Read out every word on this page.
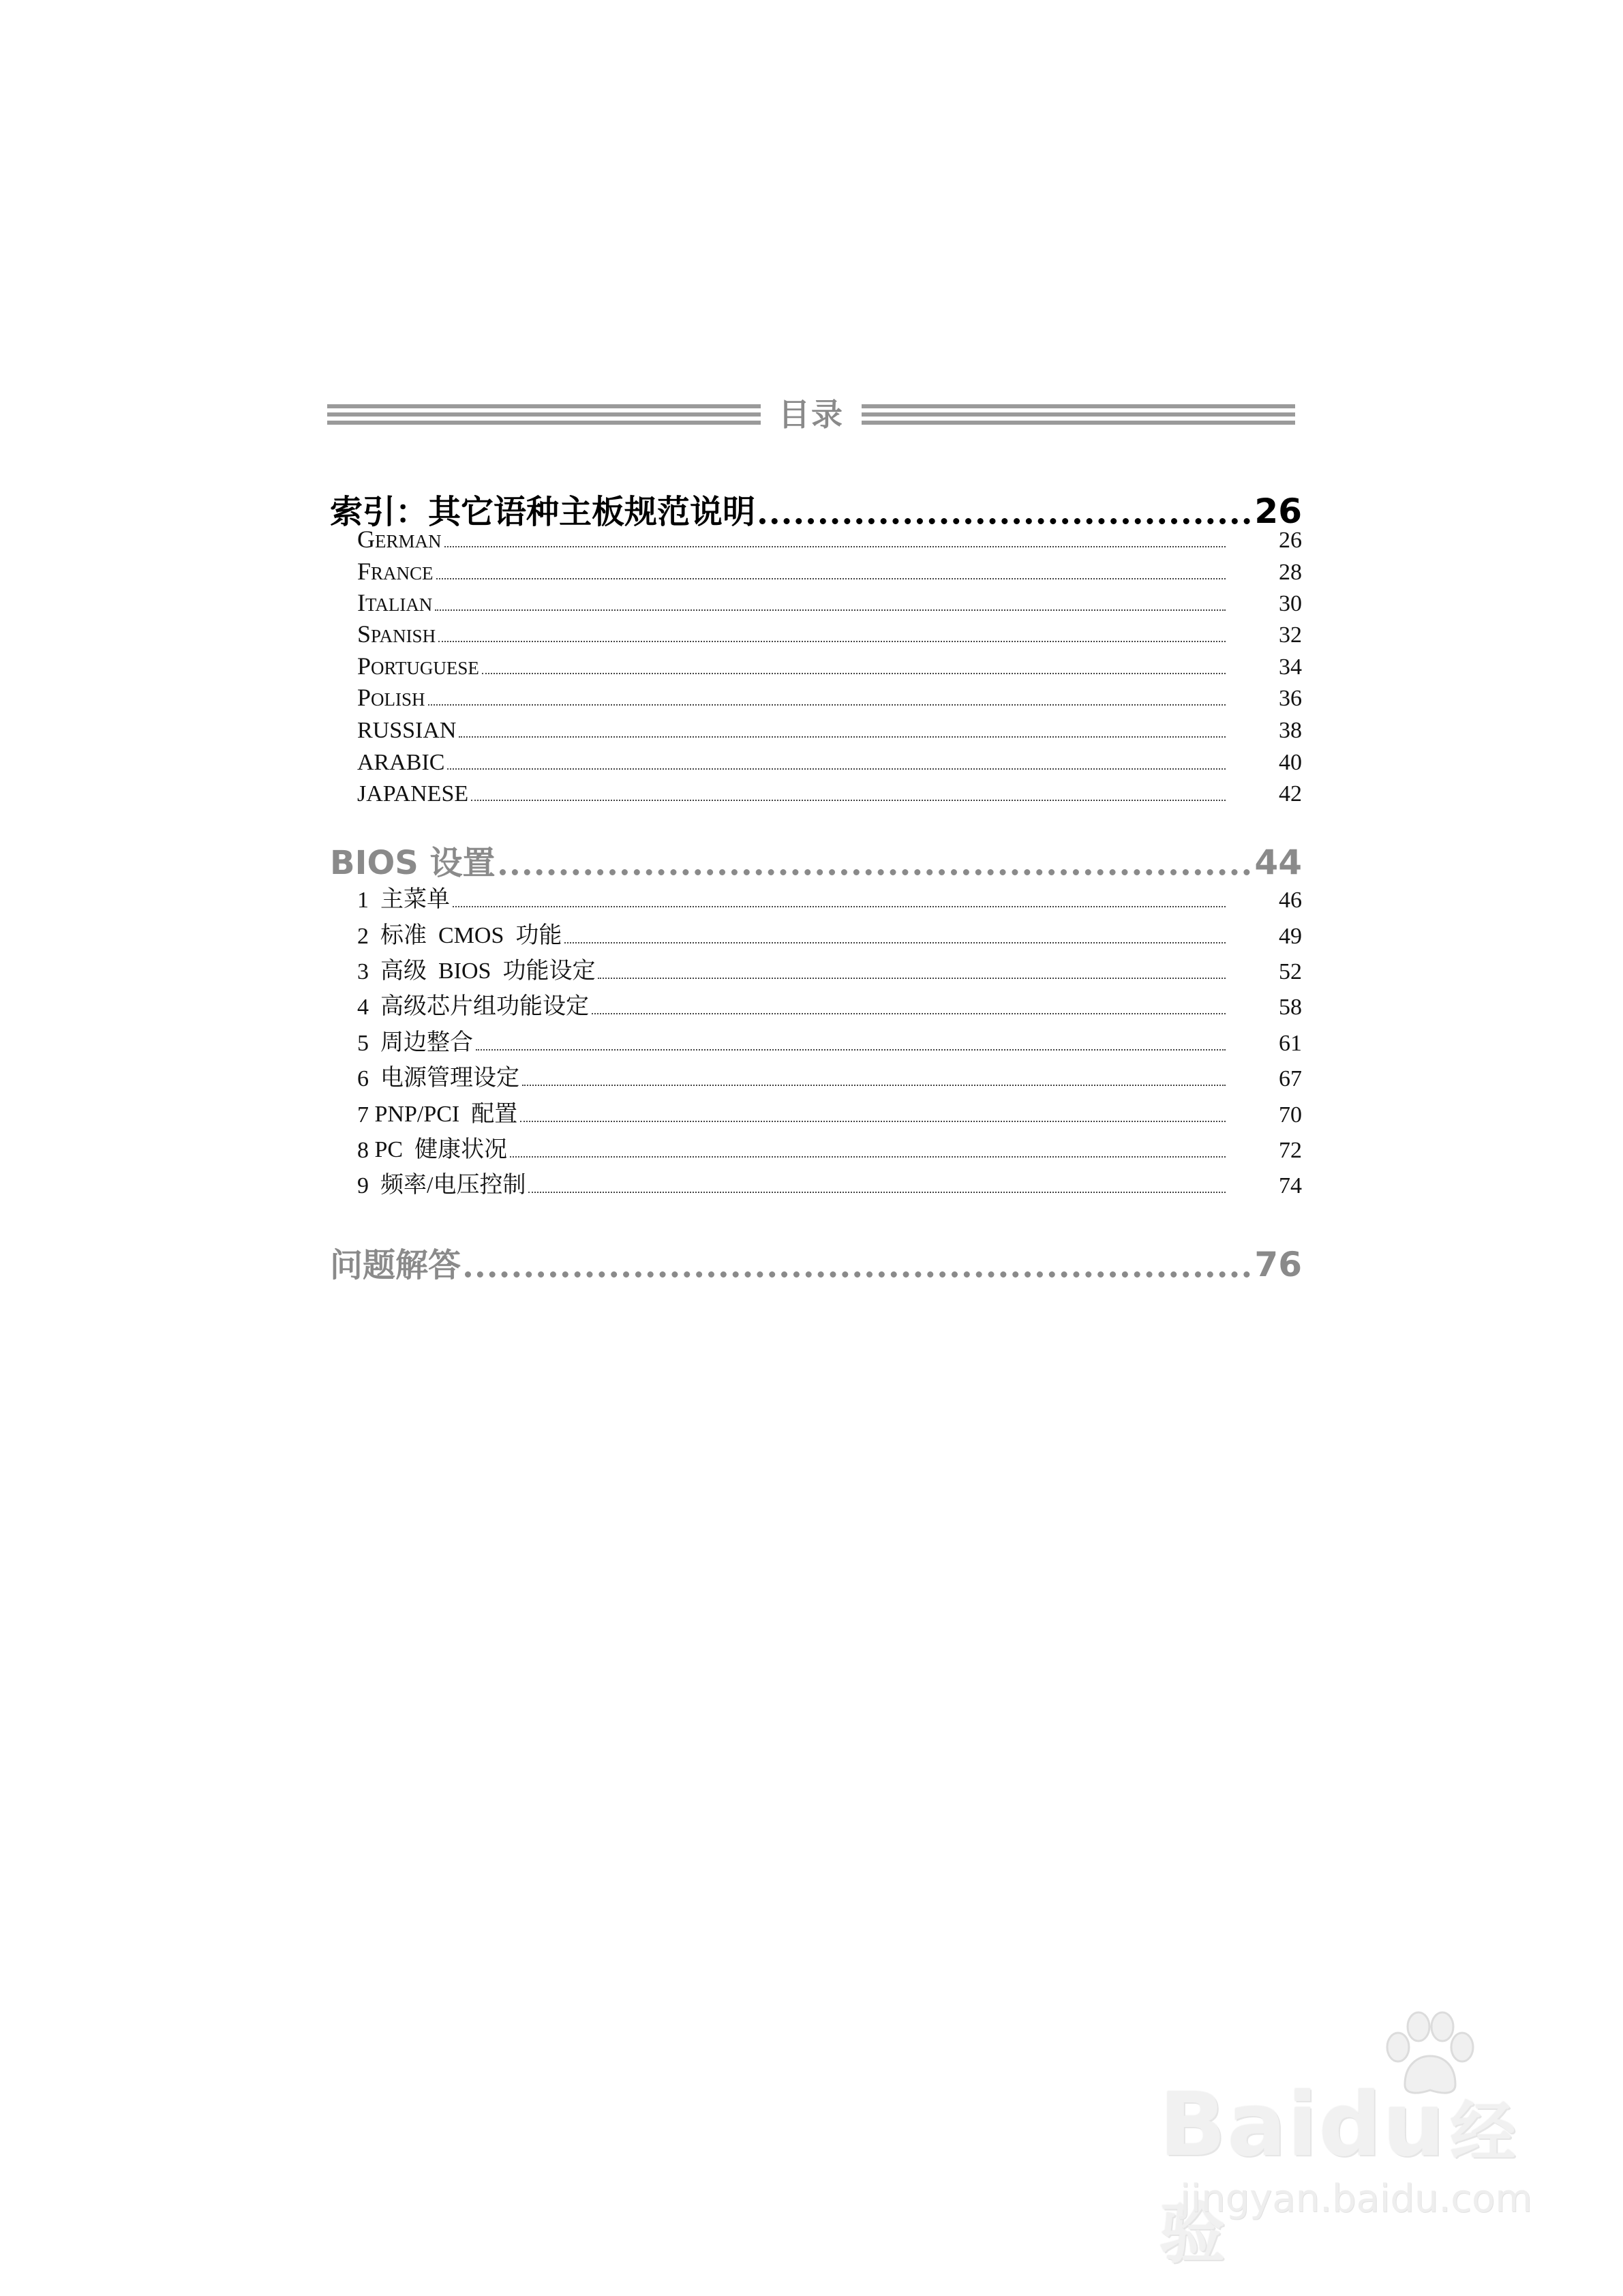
目录
索引：其它语种主板规范说明	26
GERMAN	26
FRANCE	28
ITALIAN	30
SPANISH	32
PORTUGUESE	34
POLISH	36
RUSSIAN	38
ARABIC	40
JAPANESE	42
BIOS 设置	44
1 主菜单	46
2 标准  CMOS  功能	49
3 高级  BIOS  功能设定	52
4 高级芯片组功能设定	58
5 周边整合	61
6 电源管理设定	67
7 PNP/PCI  配置	70
8 PC  健康状况	72
9 频率/电压控制	74
问题解答	76
Baidu经验
jingyan.baidu.com
